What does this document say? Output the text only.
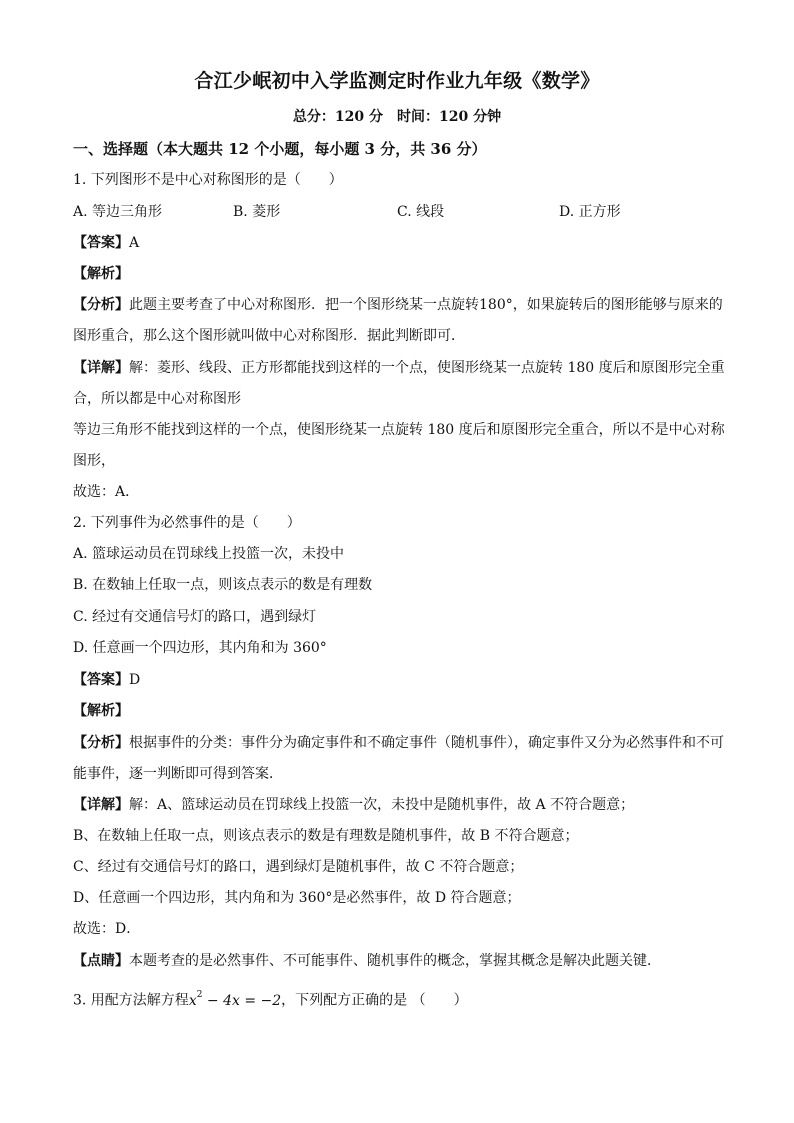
合江少岷初中入学监测定时作业九年级《数学》
总分：120 分 时间：120 分钟
一、选择题（本大题共 12 个小题，每小题 3 分，共 36 分）
1. 下列图形不是中心对称图形的是（　　）
A. 等边三角形	B. 菱形	C. 线段	D. 正方形
【答案】A
【解析】
【分析】此题主要考查了中心对称图形．把一个图形绕某一点旋转180°，如果旋转后的图形能够与原来的
图形重合，那么这个图形就叫做中心对称图形．据此判断即可．
【详解】解：菱形、线段、正方形都能找到这样的一个点，使图形绕某一点旋转 180 度后和原图形完全重
合，所以都是中心对称图形
等边三角形不能找到这样的一个点，使图形绕某一点旋转 180 度后和原图形完全重合，所以不是中心对称
图形，
故选：A．
2. 下列事件为必然事件的是（　　）
A. 篮球运动员在罚球线上投篮一次，未投中
B. 在数轴上任取一点，则该点表示的数是有理数
C. 经过有交通信号灯的路口，遇到绿灯
D. 任意画一个四边形，其内角和为 360°
【答案】D
【解析】
【分析】根据事件的分类：事件分为确定事件和不确定事件（随机事件），确定事件又分为必然事件和不可
能事件，逐一判断即可得到答案．
【详解】解：A、篮球运动员在罚球线上投篮一次，未投中是随机事件，故 A 不符合题意；
B、在数轴上任取一点，则该点表示的数是有理数是随机事件，故 B 不符合题意；
C、经过有交通信号灯的路口，遇到绿灯是随机事件，故 C 不符合题意；
D、任意画一个四边形，其内角和为 360°是必然事件，故 D 符合题意；
故选：D．
【点睛】本题考查的是必然事件、不可能事件、随机事件的概念，掌握其概念是解决此题关键．
3. 用配方法解方程$x^2 - 4x = -2$，下列配方正确的是 （　　）
